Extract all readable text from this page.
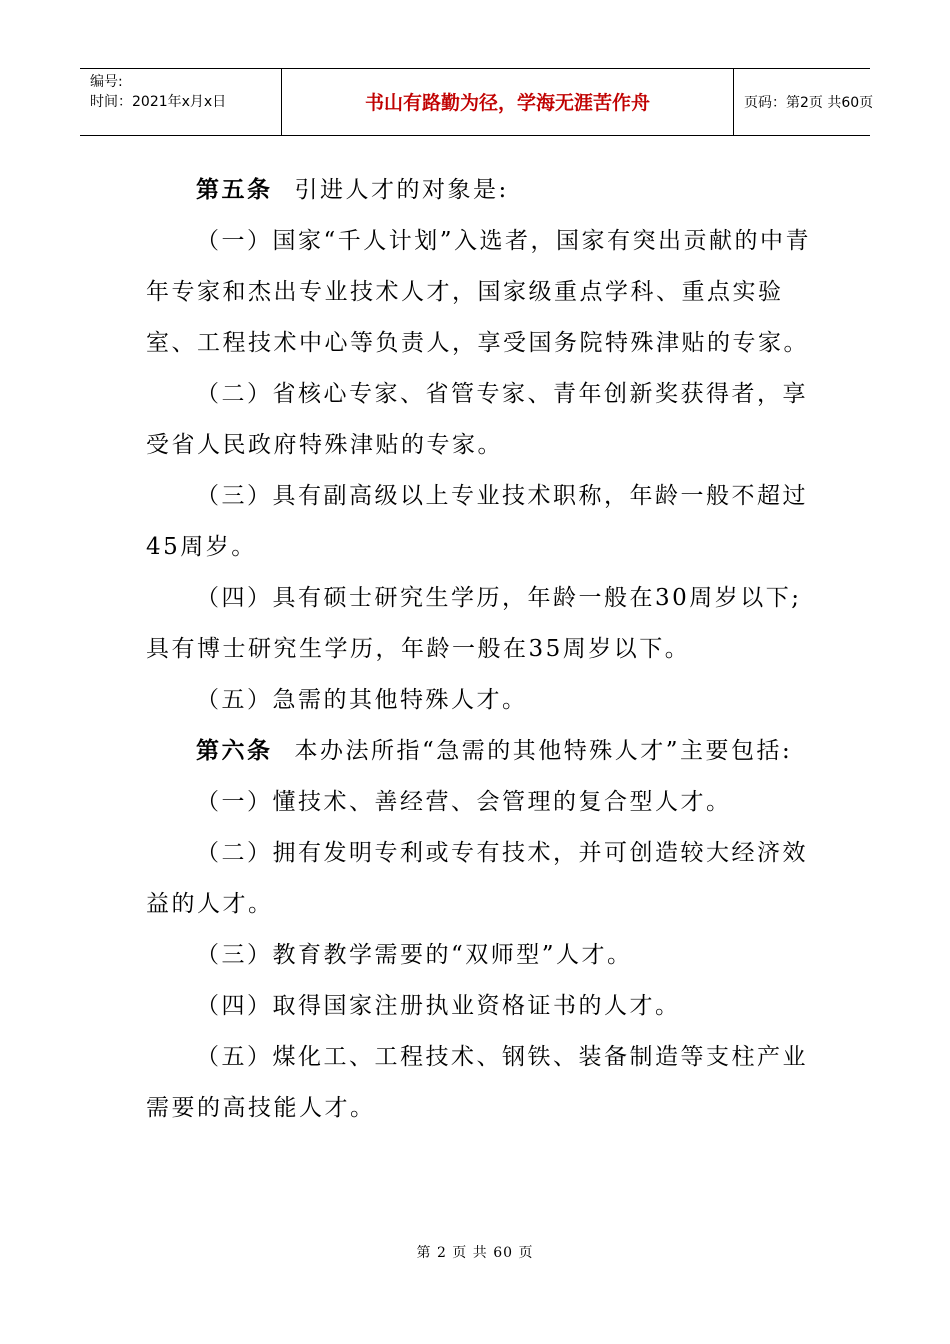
编号:
时间：2021年x月x日	书山有路勤为径，学海无涯苦作舟	页码：第2页 共60页

第五条 引进人才的对象是:

（一）国家“千人计划”入选者，国家有突出贡献的中青年专家和杰出专业技术人才，国家级重点学科、重点实验室、工程技术中心等负责人，享受国务院特殊津贴的专家。

（二）省核心专家、省管专家、青年创新奖获得者，享受省人民政府特殊津贴的专家。

（三）具有副高级以上专业技术职称，年龄一般不超过45周岁。

（四）具有硕士研究生学历，年龄一般在30周岁以下;具有博士研究生学历，年龄一般在35周岁以下。

（五）急需的其他特殊人才。

第六条 本办法所指“急需的其他特殊人才”主要包括:

（一）懂技术、善经营、会管理的复合型人才。

（二）拥有发明专利或专有技术，并可创造较大经济效益的人才。

（三）教育教学需要的“双师型”人才。

（四）取得国家注册执业资格证书的人才。

（五）煤化工、工程技术、钢铁、装备制造等支柱产业需要的高技能人才。

第 2 页 共 60 页
